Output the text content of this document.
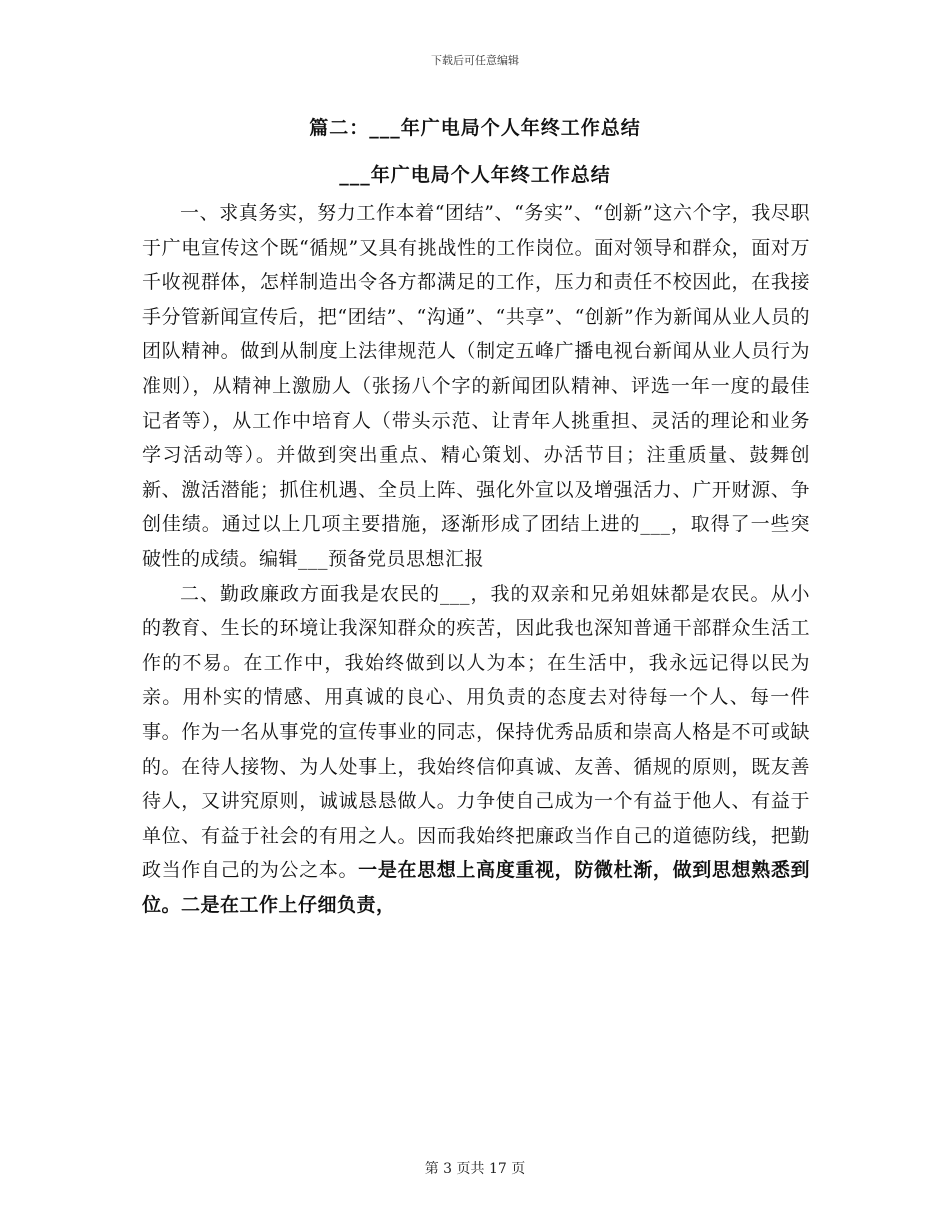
下载后可任意编辑
篇二：___年广电局个人年终工作总结
___年广电局个人年终工作总结

一、求真务实，努力工作本着“团结”、“务实”、“创新”这六个字，我尽职于广电宣传这个既“循规”又具有挑战性的工作岗位。面对领导和群众，面对万千收视群体，怎样制造出令各方都满足的工作，压力和责任不校因此，在我接手分管新闻宣传后，把“团结”、“沟通”、“共享”、“创新”作为新闻从业人员的团队精神。做到从制度上法律规范人（制定五峰广播电视台新闻从业人员行为准则），从精神上激励人（张扬八个字的新闻团队精神、评选一年一度的最佳记者等），从工作中培育人（带头示范、让青年人挑重担、灵活的理论和业务学习活动等）。并做到突出重点、精心策划、办活节目；注重质量、鼓舞创新、激活潜能；抓住机遇、全员上阵、强化外宣以及增强活力、广开财源、争创佳绩。通过以上几项主要措施，逐渐形成了团结上进的___，取得了一些突破性的成绩。编辑___预备党员思想汇报

二、勤政廉政方面我是农民的___，我的双亲和兄弟姐妹都是农民。从小的教育、生长的环境让我深知群众的疾苦，因此我也深知普通干部群众生活工作的不易。在工作中，我始终做到以人为本；在生活中，我永远记得以民为亲。用朴实的情感、用真诚的良心、用负责的态度去对待每一个人、每一件事。作为一名从事党的宣传事业的同志，保持优秀品质和崇高人格是不可或缺的。在待人接物、为人处事上，我始终信仰真诚、友善、循规的原则，既友善待人，又讲究原则，诚诚恳恳做人。力争使自己成为一个有益于他人、有益于单位、有益于社会的有用之人。因而我始终把廉政当作自己的道德防线，把勤政当作自己的为公之本。一是在思想上高度重视，防微杜渐，做到思想熟悉到位。二是在工作上仔细负责，

第 3 页共 17 页
